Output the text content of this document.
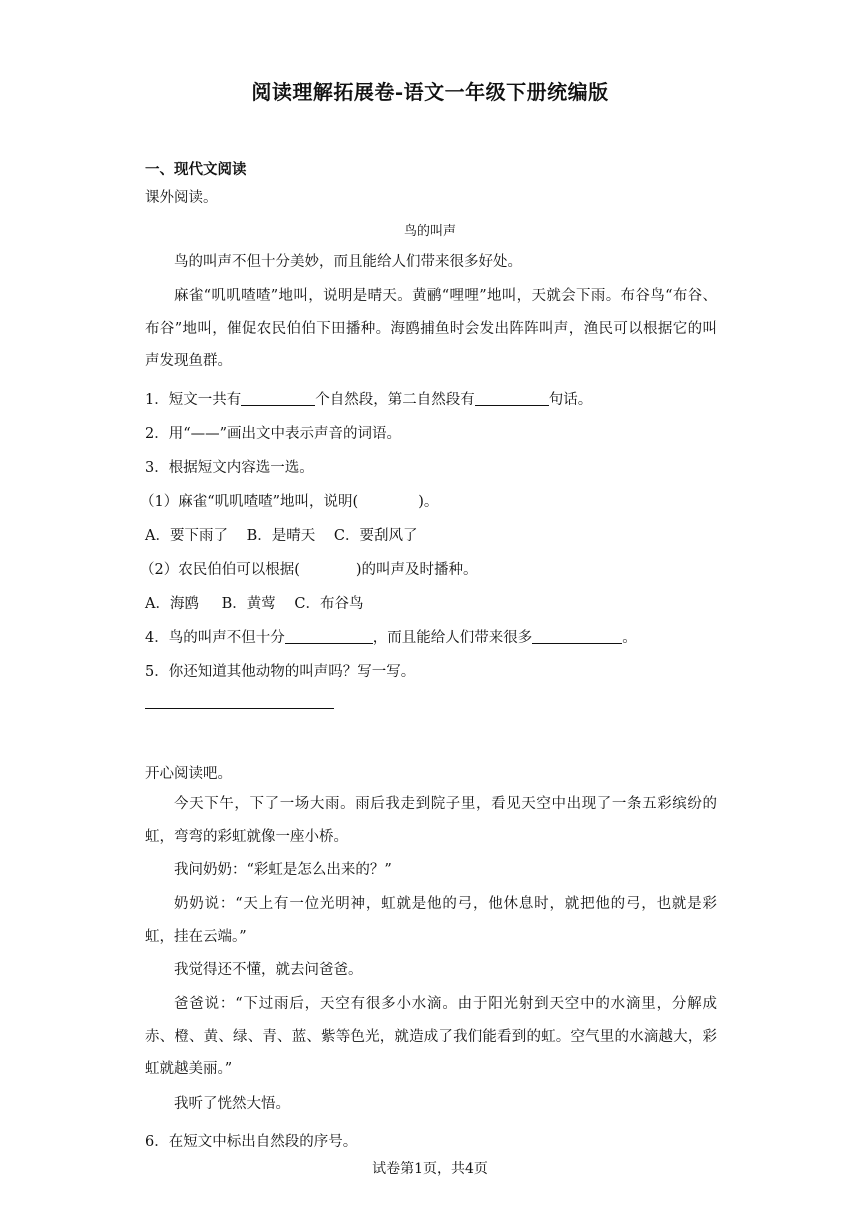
阅读理解拓展卷-语文一年级下册统编版
一、现代文阅读
课外阅读。
鸟的叫声
鸟的叫声不但十分美妙，而且能给人们带来很多好处。
麻雀“叽叽喳喳”地叫，说明是晴天。黄鹂“哩哩”地叫，天就会下雨。布谷鸟“布谷、布谷”地叫，催促农民伯伯下田播种。海鸥捕鱼时会发出阵阵叫声，渔民可以根据它的叫声发现鱼群。
1．短文一共有	个自然段，第二自然段有	句话。
2．用“——”画出文中表示声音的词语。
3．根据短文内容选一选。
（1）麻雀“叽叽喳喳”地叫，说明(	)。
A．要下雨了 B．是晴天 C．要刮风了
（2）农民伯伯可以根据(	)的叫声及时播种。
A．海鸥 B．黄莺 C．布谷鸟
4．鸟的叫声不但十分	，而且能给人们带来很多	。
5．你还知道其他动物的叫声吗？写一写。
开心阅读吧。
今天下午，下了一场大雨。雨后我走到院子里，看见天空中出现了一条五彩缤纷的虹，弯弯的彩虹就像一座小桥。
我问奶奶：“彩虹是怎么出来的？”
奶奶说：“天上有一位光明神，虹就是他的弓，他休息时，就把他的弓，也就是彩虹，挂在云端。”
我觉得还不懂，就去问爸爸。
爸爸说：“下过雨后，天空有很多小水滴。由于阳光射到天空中的水滴里，分解成赤、橙、黄、绿、青、蓝、紫等色光，就造成了我们能看到的虹。空气里的水滴越大，彩虹就越美丽。”
我听了恍然大悟。
6．在短文中标出自然段的序号。
试卷第1页，共4页
